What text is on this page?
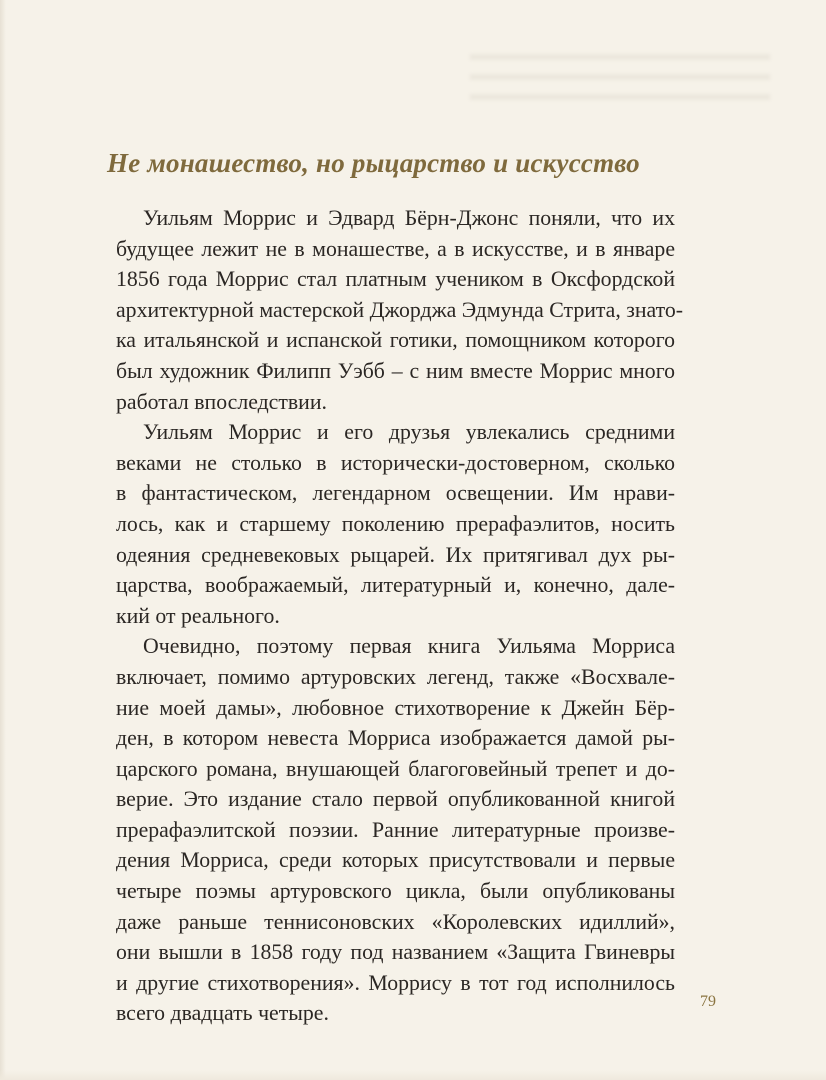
Не монашество, но рыцарство и искусство

Уильям Моррис и Эдвард Бёрн-Джонс поняли, что их
будущее лежит не в монашестве, а в искусстве, и в январе
1856 года Моррис стал платным учеником в Оксфордской
архитектурной мастерской Джорджа Эдмунда Стрита, знато-
ка итальянской и испанской готики, помощником которого
был художник Филипп Уэбб – с ним вместе Моррис много
работал впоследствии.

Уильям Моррис и его друзья увлекались средними
веками не столько в исторически-достоверном, сколько
в фантастическом, легендарном освещении. Им нрави-
лось, как и старшему поколению прерафаэлитов, носить
одеяния средневековых рыцарей. Их притягивал дух ры-
царства, воображаемый, литературный и, конечно, дале-
кий от реального.

Очевидно, поэтому первая книга Уильяма Морриса
включает, помимо артуровских легенд, также «Восхвале-
ние моей дамы», любовное стихотворение к Джейн Бёр-
ден, в котором невеста Морриса изображается дамой ры-
царского романа, внушающей благоговейный трепет и до-
верие. Это издание стало первой опубликованной книгой
прерафаэлитской поэзии. Ранние литературные произве-
дения Морриса, среди которых присутствовали и первые
четыре поэмы артуровского цикла, были опубликованы
даже раньше теннисоновских «Королевских идиллий»,
они вышли в 1858 году под названием «Защита Гвиневры
и другие стихотворения». Моррису в тот год исполнилось
всего двадцать четыре.	79
